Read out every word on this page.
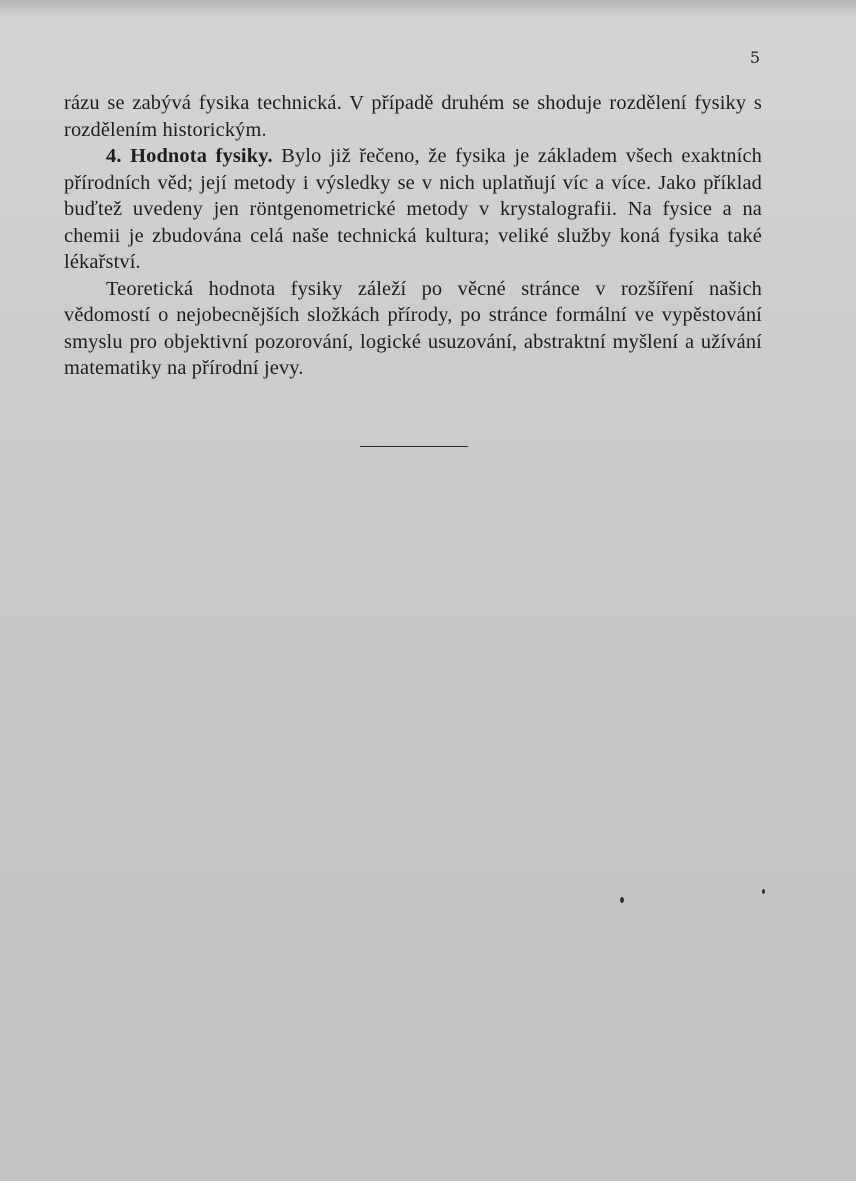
5

rázu se zabývá fysika technická. V případě druhém se shoduje rozdělení fysiky s rozdělením historickým.

4. Hodnota fysiky. Bylo již řečeno, že fysika je základem všech exaktních přírodních věd; její metody i výsledky se v nich uplatňují víc a více. Jako příklad buďtež uvedeny jen röntgenometrické metody v krystalografii. Na fysice a na chemii je zbudována celá naše technická kultura; veliké služby koná fysika také lékařství.

Teoretická hodnota fysiky záleží po věcné stránce v rozšíření našich vědomostí o nejobecnějších složkách přírody, po stránce formální ve vypěstování smyslu pro objektivní pozorování, logické usuzování, abstraktní myšlení a užívání matematiky na přírodní jevy.
